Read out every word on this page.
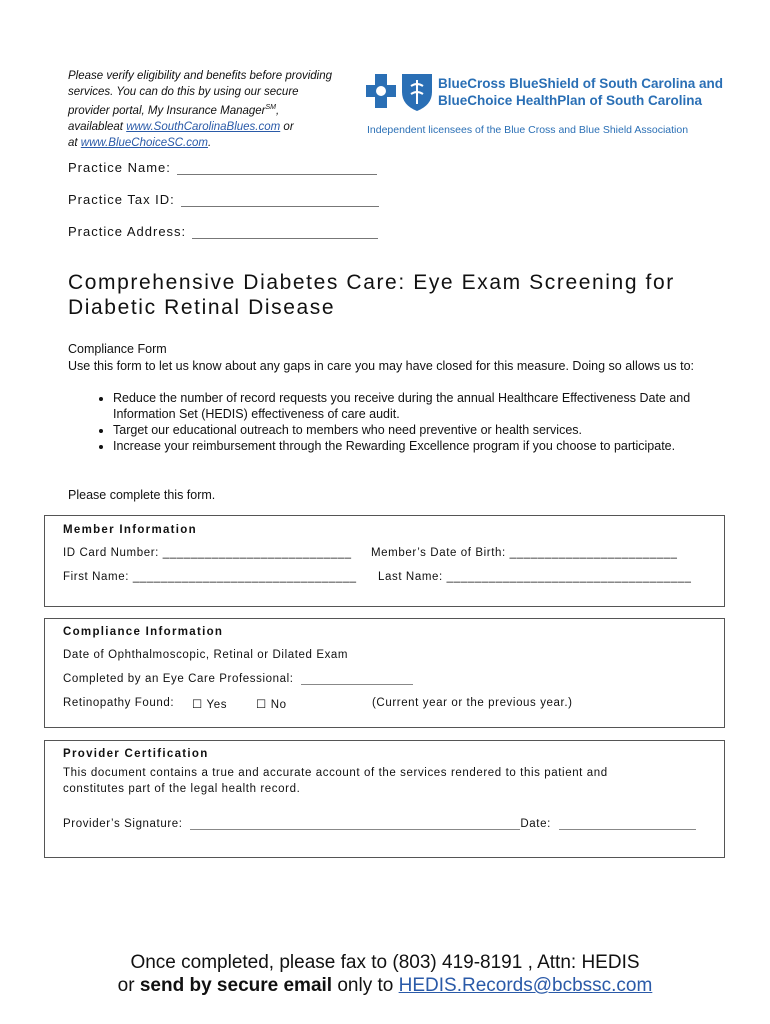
Please verify eligibility and benefits before providing
services. You can do this by using our secure
provider portal, My Insurance Manager℠,
availableat www.SouthCarolinaBlues.com or
at www.BlueChoiceSC.com.
BlueCross BlueShield of South Carolina and
BlueChoice HealthPlan of South Carolina
Independent licensees of the Blue Cross and Blue Shield Association
Practice Name:
Practice Tax ID:
Practice Address:
Comprehensive Diabetes Care: Eye Exam Screening for
Diabetic Retinal Disease
Compliance Form
Use this form to let us know about any gaps in care you may have closed for this measure. Doing so allows us to:
• Reduce the number of record requests you receive during the annual Healthcare Effectiveness Date and Information Set (HEDIS) effectiveness of care audit.
• Target our educational outreach to members who need preventive or health services.
• Increase your reimbursement through the Rewarding Excellence program if you choose to participate.
Please complete this form.
Member Information
ID Card Number: ___________________________ Member’s Date of Birth: ________________________
First Name: ________________________________ Last Name: ___________________________________
Compliance Information
Date of Ophthalmoscopic, Retinal or Dilated Exam
Completed by an Eye Care Professional:
Retinopathy Found: ☐ Yes	☐ No	(Current year or the previous year.)
Provider Certification
This document contains a true and accurate account of the services rendered to this patient and
constitutes part of the legal health record.
Provider’s Signature:	Date:
Once completed, please fax to (803) 419-8191 , Attn: HEDIS
or send by secure email only to HEDIS.Records@bcbssc.com
